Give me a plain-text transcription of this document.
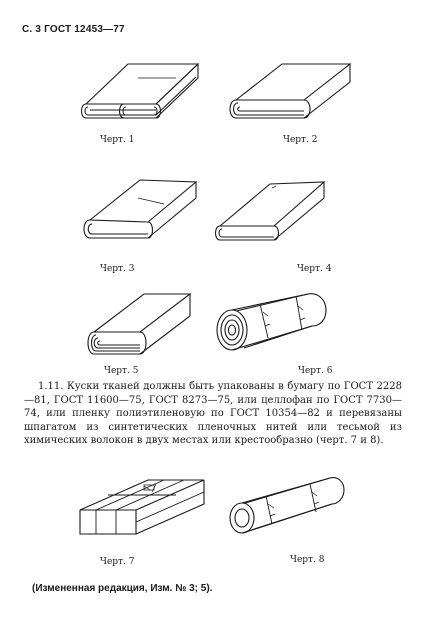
С. 3 ГОСТ 12453—77
Черт. 1	Черт. 2
Черт. 3	Черт. 4
Черт. 5	Черт. 6

1.11. Куски тканей должны быть упакованы в бумагу по ГОСТ 2228—81, ГОСТ 11600—75, ГОСТ 8273—75, или целлофан по ГОСТ 7730—74, или пленку полиэтиленовую по ГОСТ 10354—82 и перевязаны шпагатом из синтетических пленочных нитей или тесьмой из химических волокон в двух местах или крестообразно (черт. 7 и 8).

Черт. 7	Черт. 8
(Измененная редакция, Изм. № 3; 5).
